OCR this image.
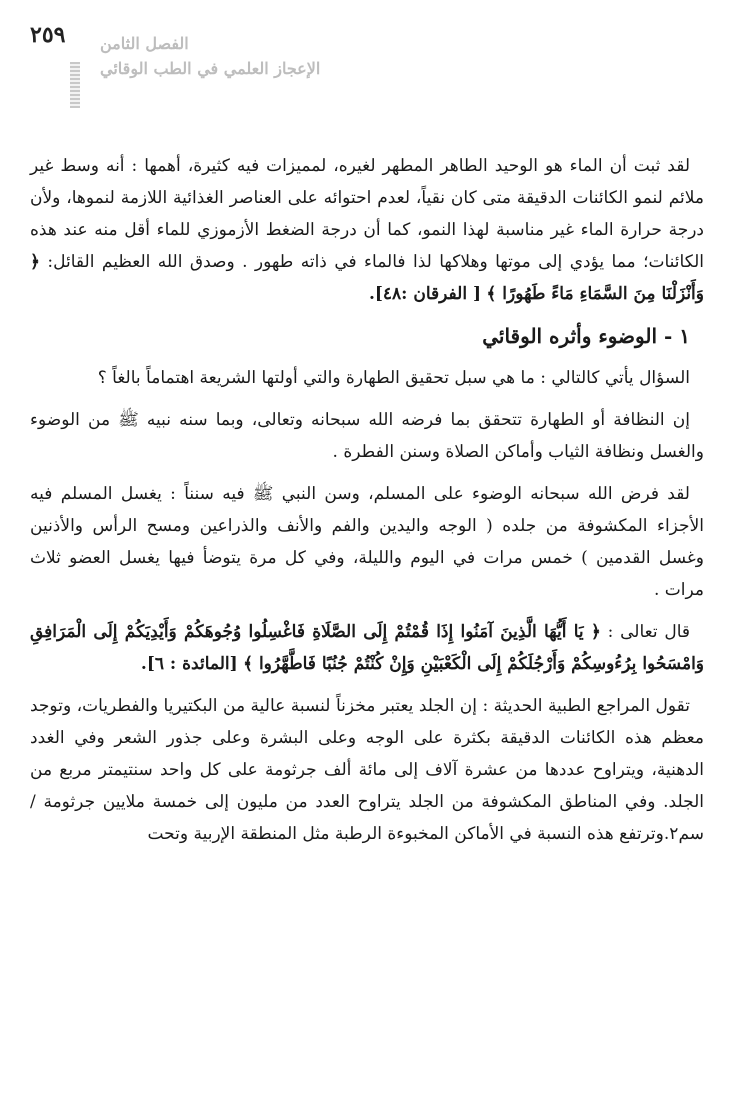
٢٥٩ الفصل الثامن
الإعجاز العلمي في الطب الوقائي

لقد ثبت أن الماء هو الوحيد الطاهر المطهر لغيره، لمميزات فيه كثيرة، أهمها : أنه وسط غير ملائم لنمو الكائنات الدقيقة متى كان نقياً، لعدم احتوائه على العناصر الغذائية اللازمة لنموها، ولأن درجة حرارة الماء غير مناسبة لهذا النمو، كما أن درجة الضغط الأزموزي للماء أقل منه عند هذه الكائنات؛ مما يؤدي إلى موتها وهلاكها لذا فالماء في ذاته طهور . وصدق الله العظيم القائل: ﴿ وَأَنْزَلْنَا مِنَ السَّمَاءِ مَاءً طَهُورًا ﴾ [ الفرقان :٤٨].

١ - الوضوء وأثره الوقائي

السؤال يأتي كالتالي : ما هي سبل تحقيق الطهارة والتي أولتها الشريعة اهتماماً بالغاً ؟

إن النظافة أو الطهارة تتحقق بما فرضه الله سبحانه وتعالى، وبما سنه نبيه ﷺ من الوضوء والغسل ونظافة الثياب وأماكن الصلاة وسنن الفطرة .

لقد فرض الله سبحانه الوضوء على المسلم، وسن النبي ﷺ فيه سنناً : يغسل المسلم فيه الأجزاء المكشوفة من جلده ( الوجه واليدين والفم والأنف والذراعين ومسح الرأس والأذنين وغسل القدمين ) خمس مرات في اليوم والليلة، وفي كل مرة يتوضأ فيها يغسل العضو ثلاث مرات .

قال تعالى : ﴿ يَا أَيُّهَا الَّذِينَ آمَنُوا إِذَا قُمْتُمْ إِلَى الصَّلَاةِ فَاغْسِلُوا وُجُوهَكُمْ وَأَيْدِيَكُمْ إِلَى الْمَرَافِقِ وَامْسَحُوا بِرُءُوسِكُمْ وَأَرْجُلَكُمْ إِلَى الْكَعْبَيْنِ وَإِنْ كُنْتُمْ جُنُبًا فَاطَّهَّرُوا ﴾ [المائدة : ٦].

تقول المراجع الطبية الحديثة : إن الجلد يعتبر مخزناً لنسبة عالية من البكتيريا والفطريات، وتوجد معظم هذه الكائنات الدقيقة بكثرة على الوجه وعلى البشرة وعلى جذور الشعر وفي الغدد الدهنية، ويتراوح عددها من عشرة آلاف إلى مائة ألف جرثومة على كل واحد سنتيمتر مربع من الجلد. وفي المناطق المكشوفة من الجلد يتراوح العدد من مليون إلى خمسة ملايين جرثومة / سم٢.وترتفع هذه النسبة في الأماكن المخبوءة الرطبة مثل المنطقة الإربية وتحت
